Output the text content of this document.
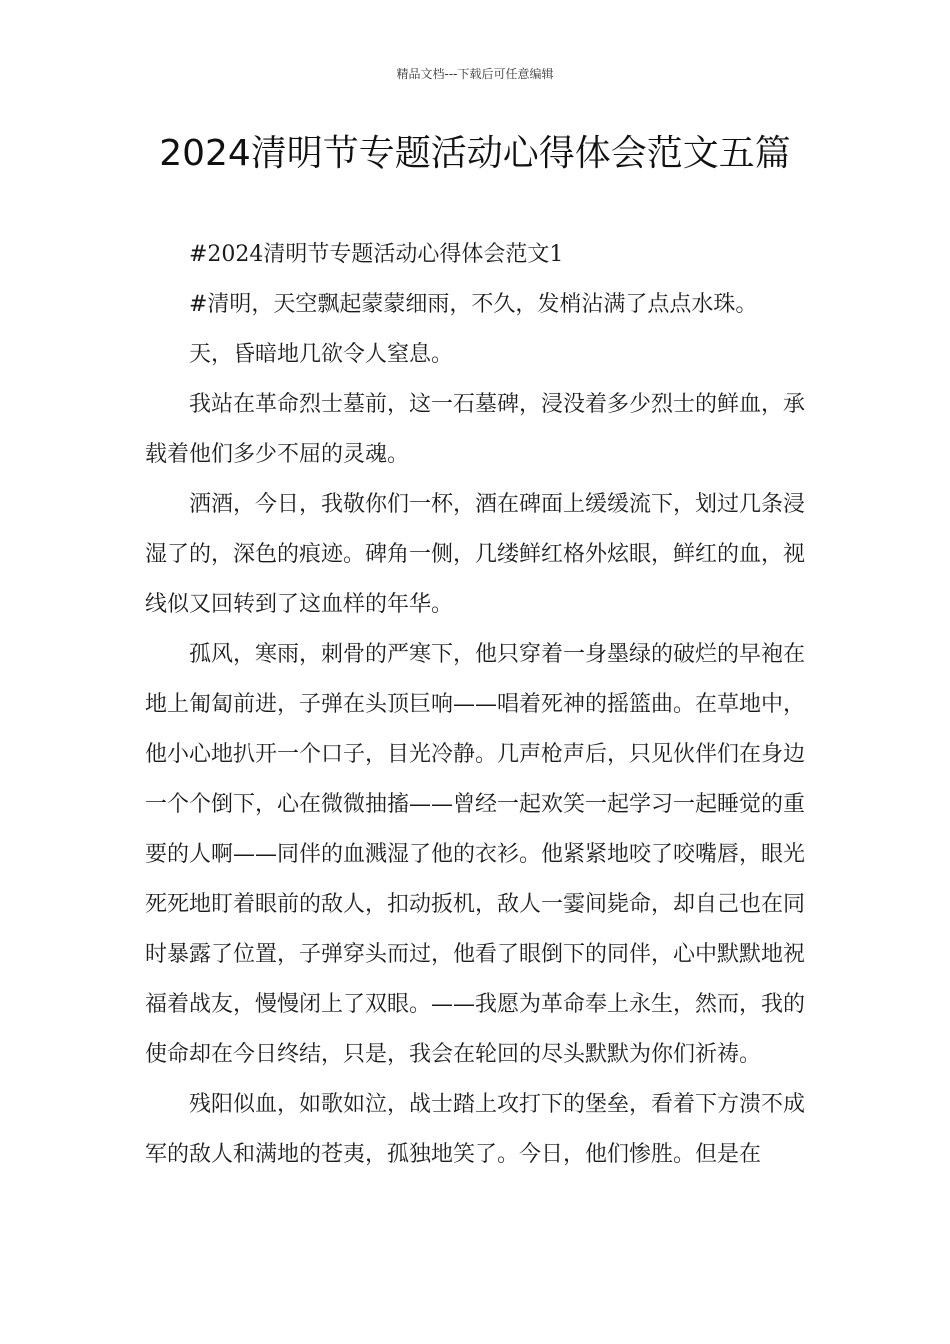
精品文档---下载后可任意编辑
2024清明节专题活动心得体会范文五篇

#2024清明节专题活动心得体会范文1

#清明，天空飘起蒙蒙细雨，不久，发梢沾满了点点水珠。

天，昏暗地几欲令人窒息。

我站在革命烈士墓前，这一石墓碑，浸没着多少烈士的鲜血，承载着他们多少不屈的灵魂。

洒酒，今日，我敬你们一杯，酒在碑面上缓缓流下，划过几条浸湿了的，深色的痕迹。碑角一侧，几缕鲜红格外炫眼，鲜红的血，视线似又回转到了这血样的年华。

孤风，寒雨，刺骨的严寒下，他只穿着一身墨绿的破烂的早袍在地上匍匐前进，子弹在头顶巨响——唱着死神的摇篮曲。在草地中，他小心地扒开一个口子，目光冷静。几声枪声后，只见伙伴们在身边一个个倒下，心在微微抽搐——曾经一起欢笑一起学习一起睡觉的重要的人啊——同伴的血溅湿了他的衣衫。他紧紧地咬了咬嘴唇，眼光死死地盯着眼前的敌人，扣动扳机，敌人一霎间毙命，却自己也在同时暴露了位置，子弹穿头而过，他看了眼倒下的同伴，心中默默地祝福着战友，慢慢闭上了双眼。——我愿为革命奉上永生，然而，我的使命却在今日终结，只是，我会在轮回的尽头默默为你们祈祷。

残阳似血，如歌如泣，战士踏上攻打下的堡垒，看着下方溃不成军的敌人和满地的苍夷，孤独地笑了。今日，他们惨胜。但是在
